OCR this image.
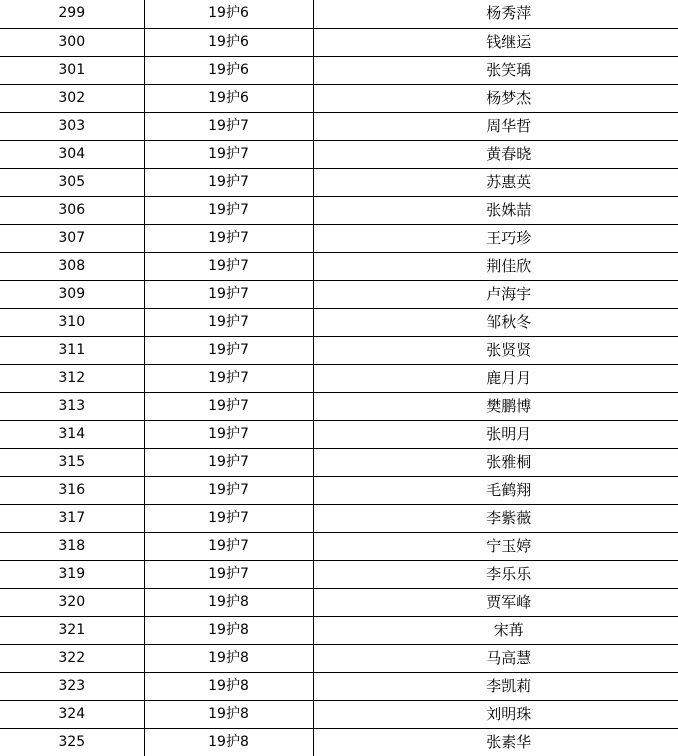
299	19护6	杨秀萍
300	19护6	钱继运
301	19护6	张笑瑀
302	19护6	杨梦杰
303	19护7	周华哲
304	19护7	黄春晓
305	19护7	苏惠英
306	19护7	张姝喆
307	19护7	王巧珍
308	19护7	荆佳欣
309	19护7	卢海宇
310	19护7	邹秋冬
311	19护7	张贤贤
312	19护7	鹿月月
313	19护7	樊鹏博
314	19护7	张明月
315	19护7	张雅桐
316	19护7	毛鹤翔
317	19护7	李紫薇
318	19护7	宁玉婷
319	19护7	李乐乐
320	19护8	贾军峰
321	19护8	宋苒
322	19护8	马高慧
323	19护8	李凯莉
324	19护8	刘明珠
325	19护8	张素华
